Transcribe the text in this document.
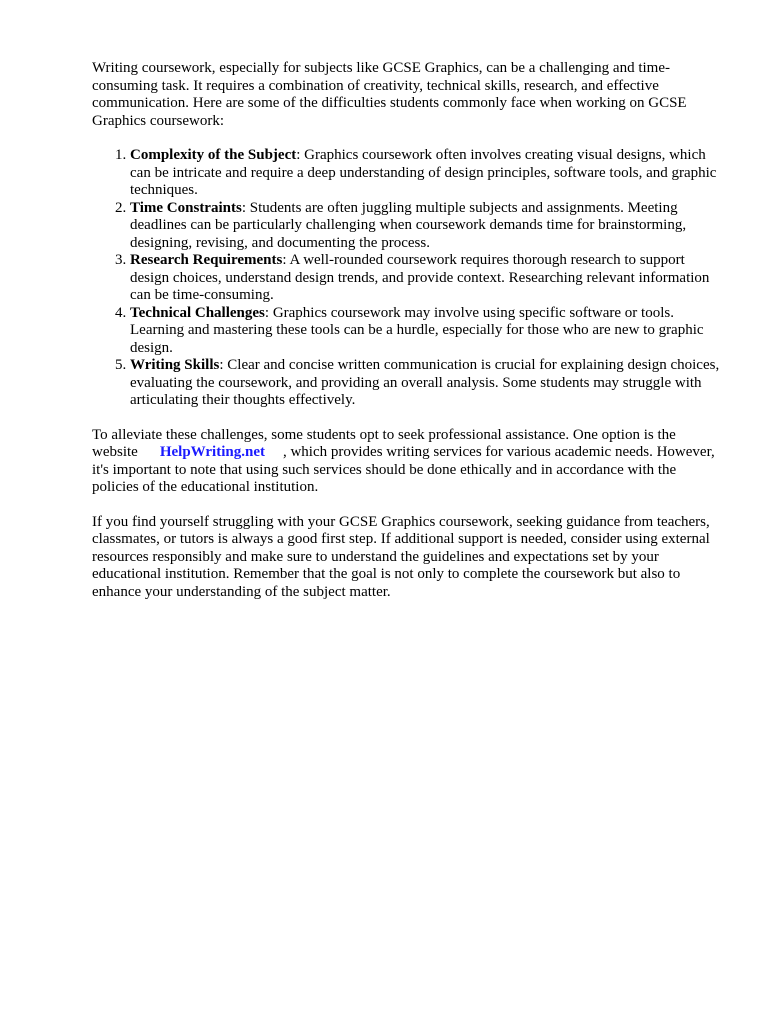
Writing coursework, especially for subjects like GCSE Graphics, can be a challenging and time-consuming task. It requires a combination of creativity, technical skills, research, and effective communication. Here are some of the difficulties students commonly face when working on GCSE Graphics coursework:

1. Complexity of the Subject: Graphics coursework often involves creating visual designs, which can be intricate and require a deep understanding of design principles, software tools, and graphic techniques.
2. Time Constraints: Students are often juggling multiple subjects and assignments. Meeting deadlines can be particularly challenging when coursework demands time for brainstorming, designing, revising, and documenting the process.
3. Research Requirements: A well-rounded coursework requires thorough research to support design choices, understand design trends, and provide context. Researching relevant information can be time-consuming.
4. Technical Challenges: Graphics coursework may involve using specific software or tools. Learning and mastering these tools can be a hurdle, especially for those who are new to graphic design.
5. Writing Skills: Clear and concise written communication is crucial for explaining design choices, evaluating the coursework, and providing an overall analysis. Some students may struggle with articulating their thoughts effectively.

To alleviate these challenges, some students opt to seek professional assistance. One option is the website HelpWriting.net , which provides writing services for various academic needs. However, it's important to note that using such services should be done ethically and in accordance with the policies of the educational institution.

If you find yourself struggling with your GCSE Graphics coursework, seeking guidance from teachers, classmates, or tutors is always a good first step. If additional support is needed, consider using external resources responsibly and make sure to understand the guidelines and expectations set by your educational institution. Remember that the goal is not only to complete the coursework but also to enhance your understanding of the subject matter.
